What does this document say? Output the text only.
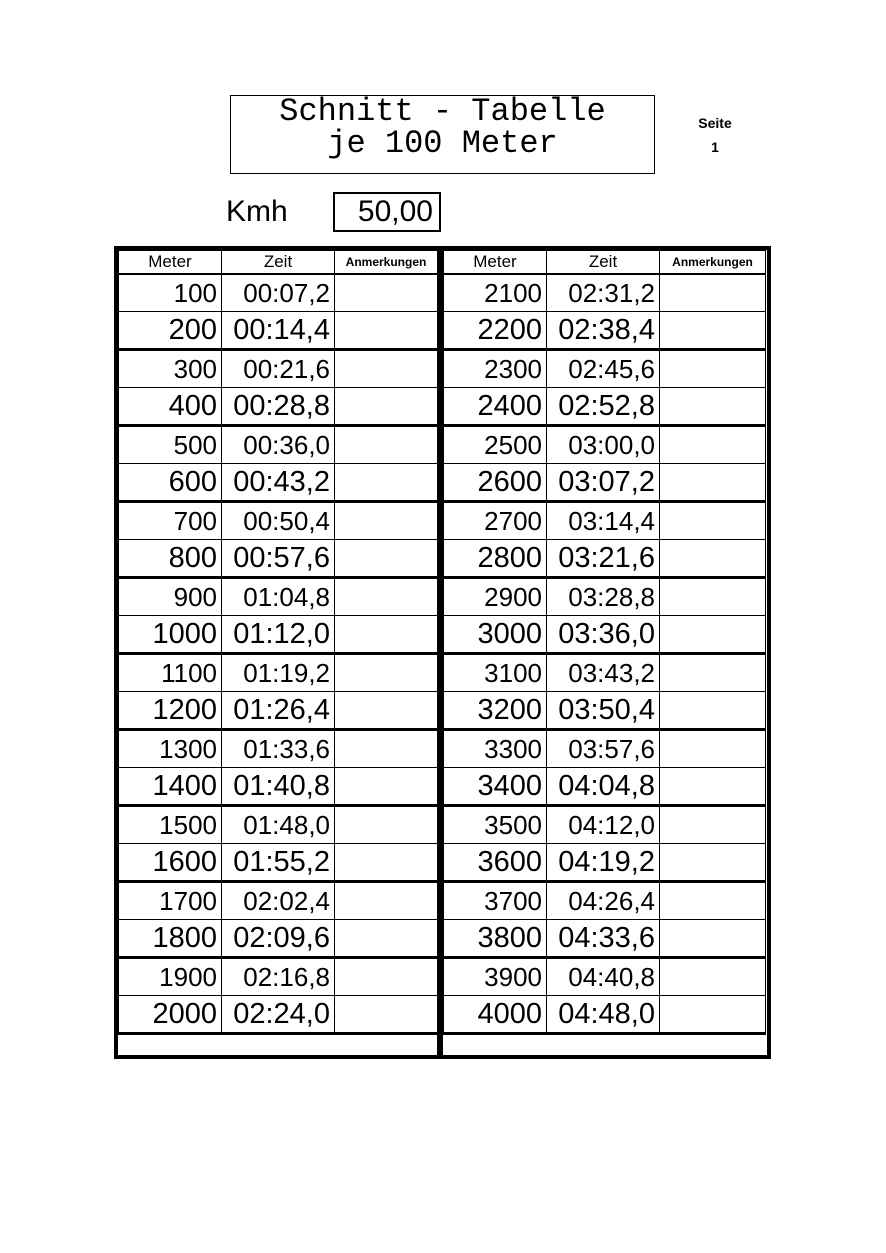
Schnitt - Tabelle
je 100 Meter
Seite
1
Kmh	50,00
Meter	Zeit	Anmerkungen
100	00:07,2	
200	00:14,4	
300	00:21,6	
400	00:28,8	
500	00:36,0	
600	00:43,2	
700	00:50,4	
800	00:57,6	
900	01:04,8	
1000	01:12,0	
1100	01:19,2	
1200	01:26,4	
1300	01:33,6	
1400	01:40,8	
1500	01:48,0	
1600	01:55,2	
1700	02:02,4	
1800	02:09,6	
1900	02:16,8	
2000	02:24,0	
Meter	Zeit	Anmerkungen
2100	02:31,2	
2200	02:38,4	
2300	02:45,6	
2400	02:52,8	
2500	03:00,0	
2600	03:07,2	
2700	03:14,4	
2800	03:21,6	
2900	03:28,8	
3000	03:36,0	
3100	03:43,2	
3200	03:50,4	
3300	03:57,6	
3400	04:04,8	
3500	04:12,0	
3600	04:19,2	
3700	04:26,4	
3800	04:33,6	
3900	04:40,8	
4000	04:48,0	
